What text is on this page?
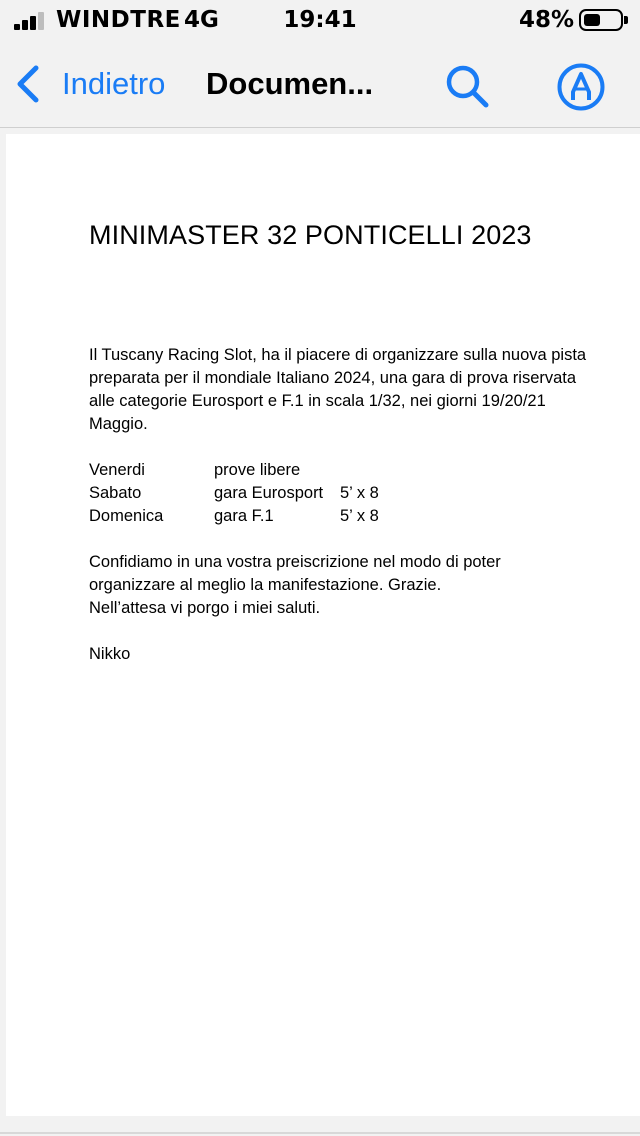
WINDTRE 4G	19:41	48%
Indietro Documen...
MINIMASTER 32 PONTICELLI 2023

Il Tuscany Racing Slot, ha il piacere di organizzare sulla nuova pista preparata per il mondiale Italiano 2024, una gara di prova riservata alle categorie Eurosport e F.1 in scala 1/32, nei giorni 19/20/21 Maggio.

Venerdi	prove libere
Sabato	gara Eurosport	5’ x 8
Domenica	gara F.1	5’ x 8

Confidiamo in una vostra preiscrizione nel modo di poter organizzare al meglio la manifestazione. Grazie.

Nell’attesa vi porgo i miei saluti.

Nikko
